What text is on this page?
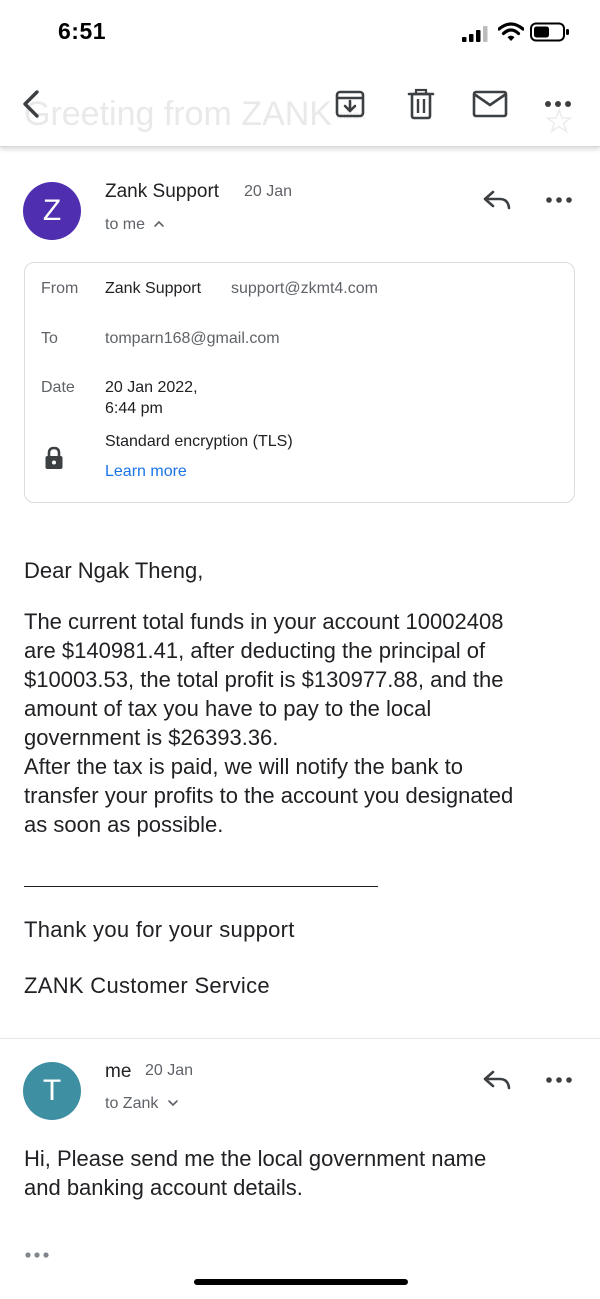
6:51
Greeting from ZANK Inbox
Z
Zank Support 20 Jan
to me
From Zank Support support@zkmt4.com
To	tomparn168@gmail.com
Date 20 Jan 2022,
6:44 pm
Standard encryption (TLS)
Learn more
Dear Ngak Theng,
The current total funds in your account 10002408
are $140981.41, after deducting the principal of
$10003.53, the total profit is $130977.88, and the
amount of tax you have to pay to the local
government is $26393.36.
After the tax is paid, we will notify the bank to
transfer your profits to the account you designated
as soon as possible.
Thank you for your support
ZANK Customer Service
T
me 20 Jan
to Zank
Hi, Please send me the local government name
and banking account details.
